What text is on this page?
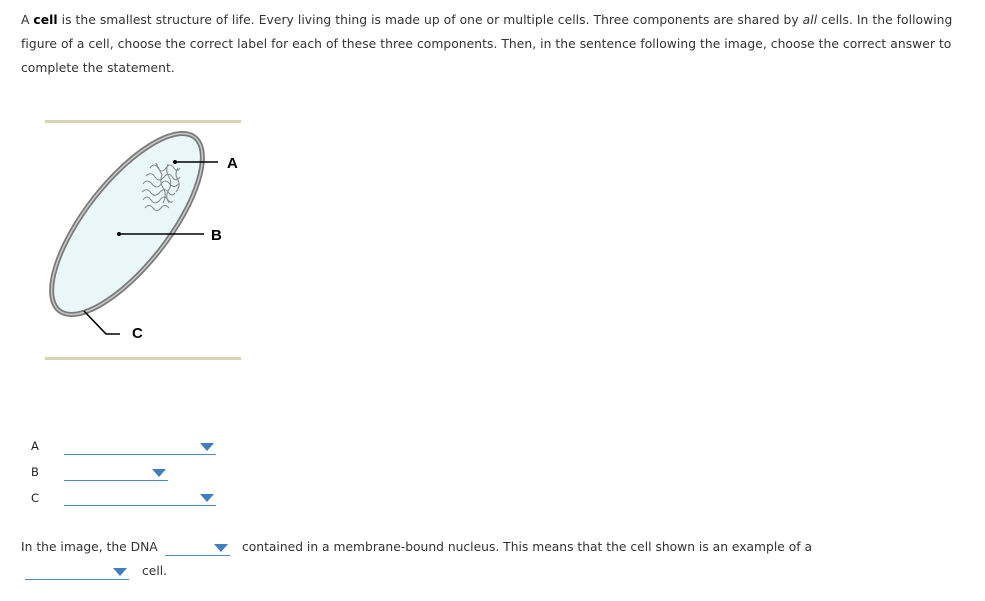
A cell is the smallest structure of life. Every living thing is made up of one or multiple cells. Three components are shared by all cells. In the following figure of a cell, choose the correct label for each of these three components. Then, in the sentence following the image, choose the correct answer to complete the statement.
A
B
C
A
B
C
In the image, the DNA	contained in a membrane-bound nucleus. This means that the cell shown is an example of a
cell.
